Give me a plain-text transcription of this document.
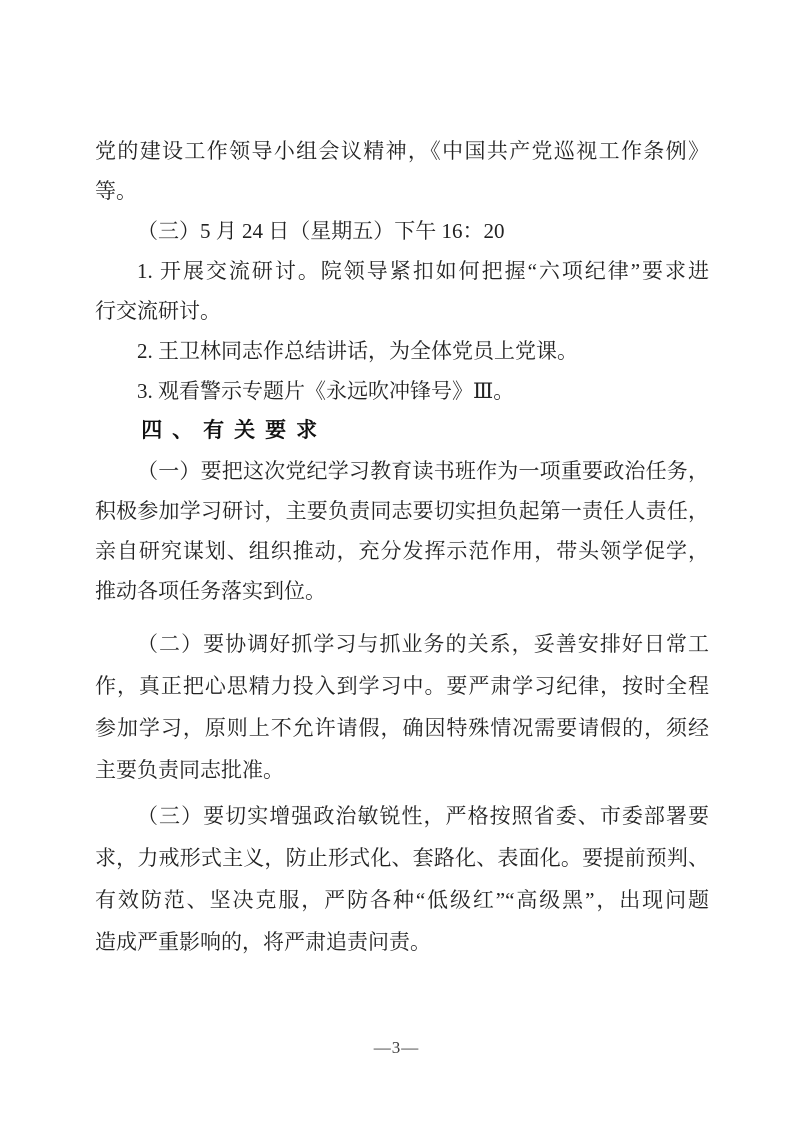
党的建设工作领导小组会议精神，《中国共产党巡视工作条例》
等。
（三）5 月 24 日（星期五）下午 16：20
1. 开展交流研讨。院领导紧扣如何把握“六项纪律”要求进
行交流研讨。
2. 王卫林同志作总结讲话，为全体党员上党课。
3. 观看警示专题片《永远吹冲锋号》Ⅲ。
四、有关要求
（一）要把这次党纪学习教育读书班作为一项重要政治任务，
积极参加学习研讨，主要负责同志要切实担负起第一责任人责任，
亲自研究谋划、组织推动，充分发挥示范作用，带头领学促学，
推动各项任务落实到位。
（二）要协调好抓学习与抓业务的关系，妥善安排好日常工
作，真正把心思精力投入到学习中。要严肃学习纪律，按时全程
参加学习，原则上不允许请假，确因特殊情况需要请假的，须经
主要负责同志批准。
（三）要切实增强政治敏锐性，严格按照省委、市委部署要
求，力戒形式主义，防止形式化、套路化、表面化。要提前预判、
有效防范、坚决克服，严防各种“低级红”“高级黑”，出现问题
造成严重影响的，将严肃追责问责。
—3—
